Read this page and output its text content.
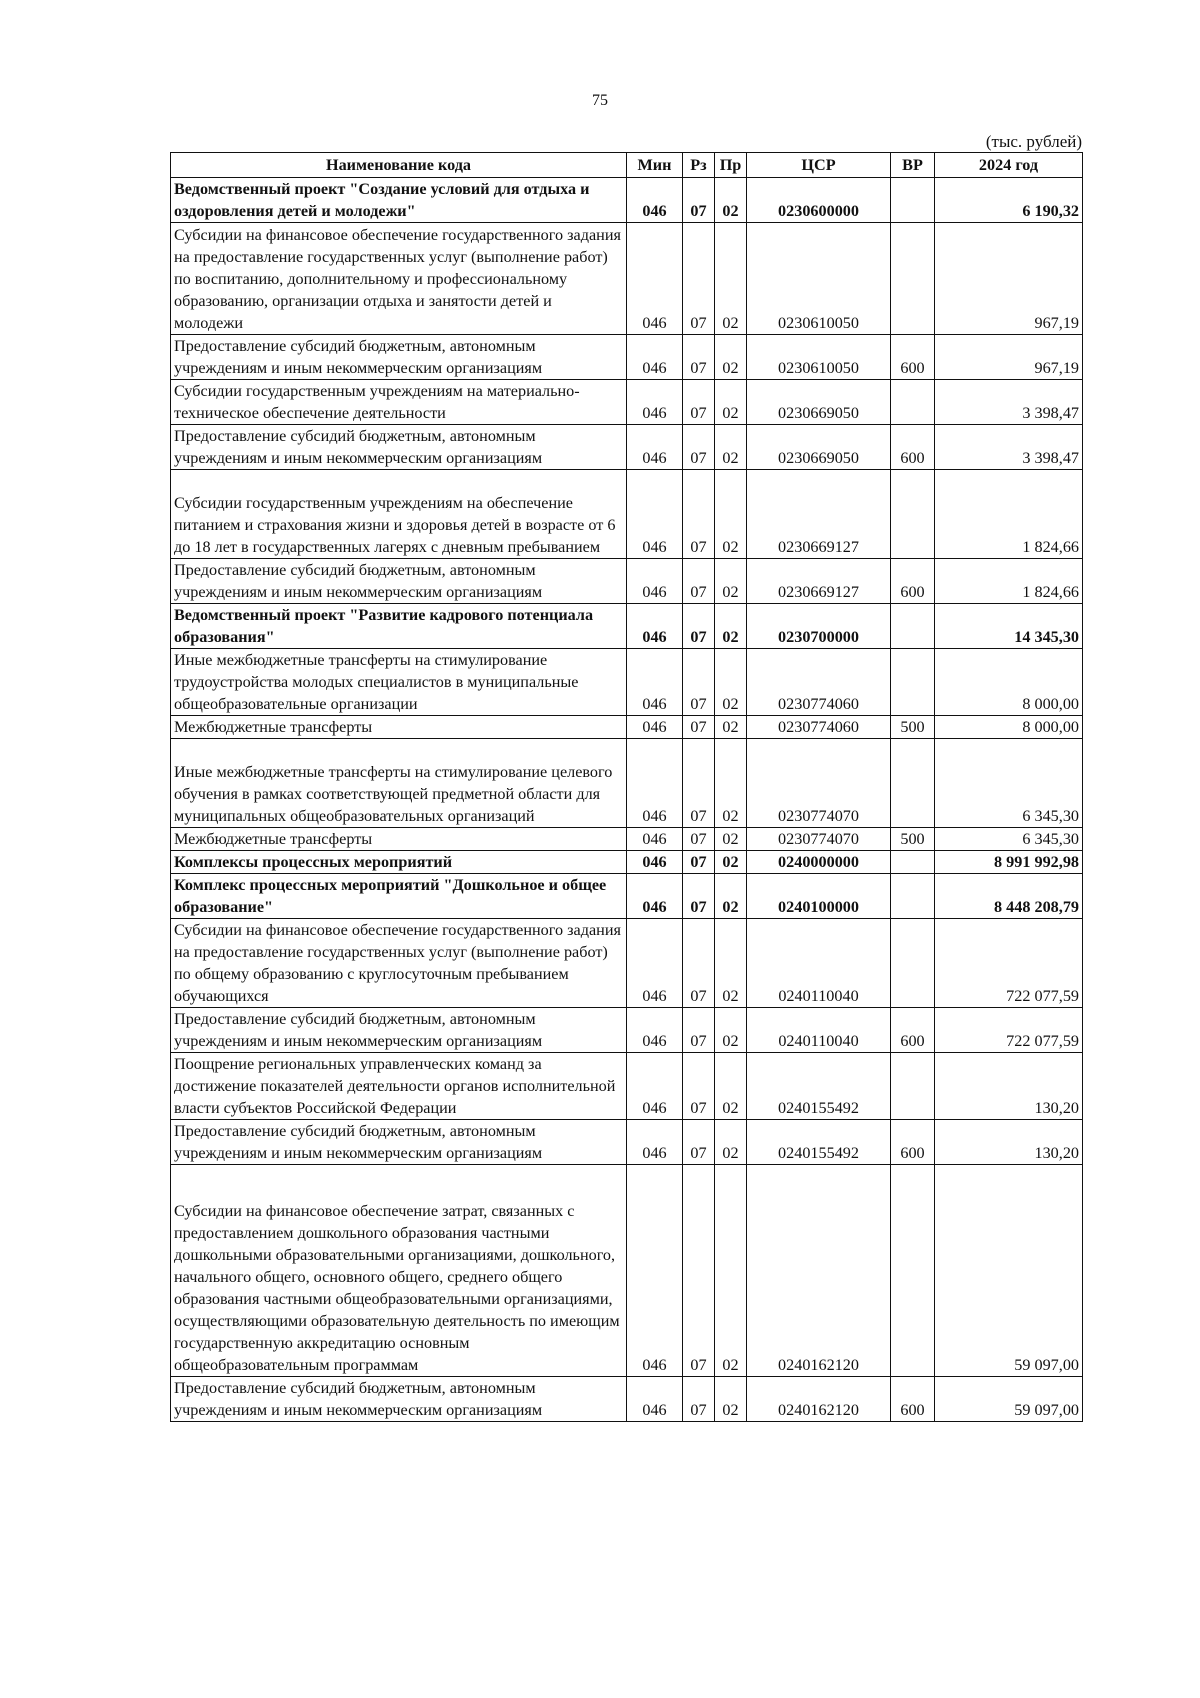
75
(тыс. рублей)
Наименование кода	Мин	Рз	Пр	ЦСР	ВР	2024 год
Ведомственный проект "Создание условий для отдыха и оздоровления детей и молодежи"	046	07	02	0230600000		6 190,32
Субсидии на финансовое обеспечение государственного задания на предоставление государственных услуг (выполнение работ) по воспитанию, дополнительному и профессиональному образованию, организации отдыха и занятости детей и молодежи	046	07	02	0230610050		967,19
Предоставление субсидий бюджетным, автономным учреждениям и иным некоммерческим организациям	046	07	02	0230610050	600	967,19
Субсидии государственным учреждениям на материально-техническое обеспечение деятельности	046	07	02	0230669050		3 398,47
Предоставление субсидий бюджетным, автономным учреждениям и иным некоммерческим организациям	046	07	02	0230669050	600	3 398,47
Субсидии государственным учреждениям на обеспечение питанием и страхования жизни и здоровья детей в возрасте от 6 до 18 лет в государственных лагерях с дневным пребыванием	046	07	02	0230669127		1 824,66
Предоставление субсидий бюджетным, автономным учреждениям и иным некоммерческим организациям	046	07	02	0230669127	600	1 824,66
Ведомственный проект "Развитие кадрового потенциала образования"	046	07	02	0230700000		14 345,30
Иные межбюджетные трансферты на стимулирование трудоустройства молодых специалистов в муниципальные общеобразовательные организации	046	07	02	0230774060		8 000,00
Межбюджетные трансферты	046	07	02	0230774060	500	8 000,00
Иные межбюджетные трансферты на стимулирование целевого обучения в рамках соответствующей предметной области для муниципальных общеобразовательных организаций	046	07	02	0230774070		6 345,30
Межбюджетные трансферты	046	07	02	0230774070	500	6 345,30
Комплексы процессных мероприятий	046	07	02	0240000000		8 991 992,98
Комплекс процессных мероприятий "Дошкольное и общее образование"	046	07	02	0240100000		8 448 208,79
Субсидии на финансовое обеспечение государственного задания на предоставление государственных услуг (выполнение работ) по общему образованию с круглосуточным пребыванием обучающихся	046	07	02	0240110040		722 077,59
Предоставление субсидий бюджетным, автономным учреждениям и иным некоммерческим организациям	046	07	02	0240110040	600	722 077,59
Поощрение региональных управленческих команд за достижение показателей деятельности органов исполнительной власти субъектов Российской Федерации	046	07	02	0240155492		130,20
Предоставление субсидий бюджетным, автономным учреждениям и иным некоммерческим организациям	046	07	02	0240155492	600	130,20
Субсидии на финансовое обеспечение затрат, связанных с предоставлением дошкольного образования частными дошкольными образовательными организациями, дошкольного, начального общего, основного общего, среднего общего образования частными общеобразовательными организациями, осуществляющими образовательную деятельность по имеющим государственную аккредитацию основным общеобразовательным программам	046	07	02	0240162120		59 097,00
Предоставление субсидий бюджетным, автономным учреждениям и иным некоммерческим организациям	046	07	02	0240162120	600	59 097,00
